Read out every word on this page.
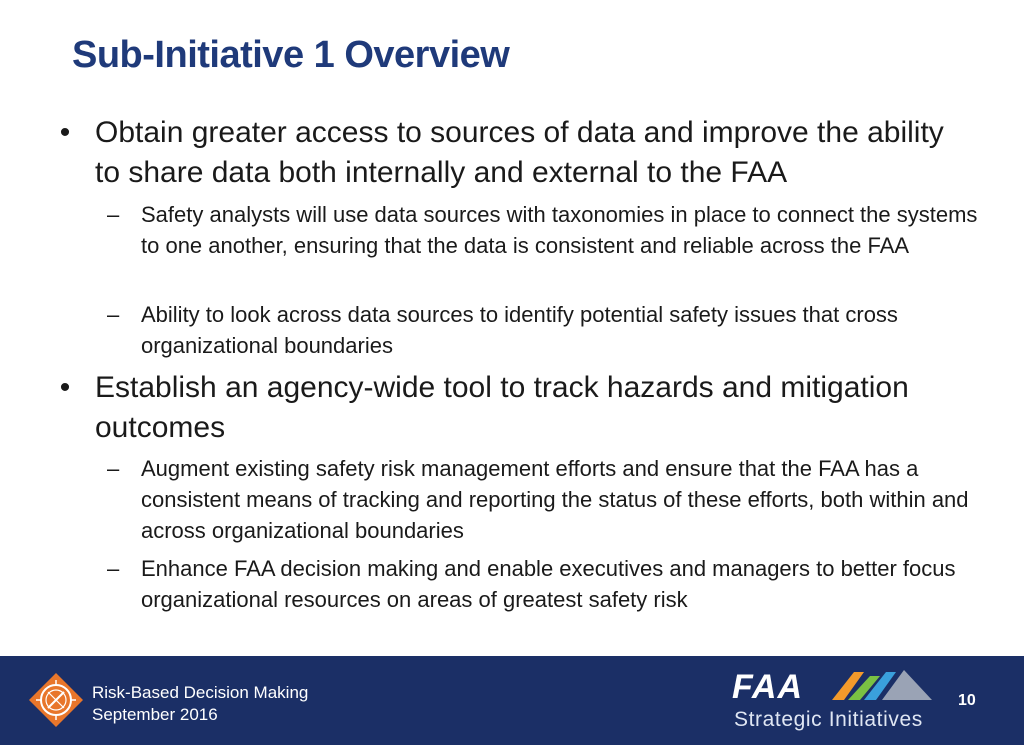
Sub-Initiative 1 Overview
• Obtain greater access to sources of data and improve the ability to share data both internally and external to the FAA
– Safety analysts will use data sources with taxonomies in place to connect the systems to one another, ensuring that the data is consistent and reliable across the FAA
– Ability to look across data sources to identify potential safety issues that cross organizational boundaries
• Establish an agency-wide tool to track hazards and mitigation outcomes
– Augment existing safety risk management efforts and ensure that the FAA has a consistent means of tracking and reporting the status of these efforts, both within and across organizational boundaries
– Enhance FAA decision making and enable executives and managers to better focus organizational resources on areas of greatest safety risk
Risk-Based Decision Making
September 2016
FAA
Strategic Initiatives
10
